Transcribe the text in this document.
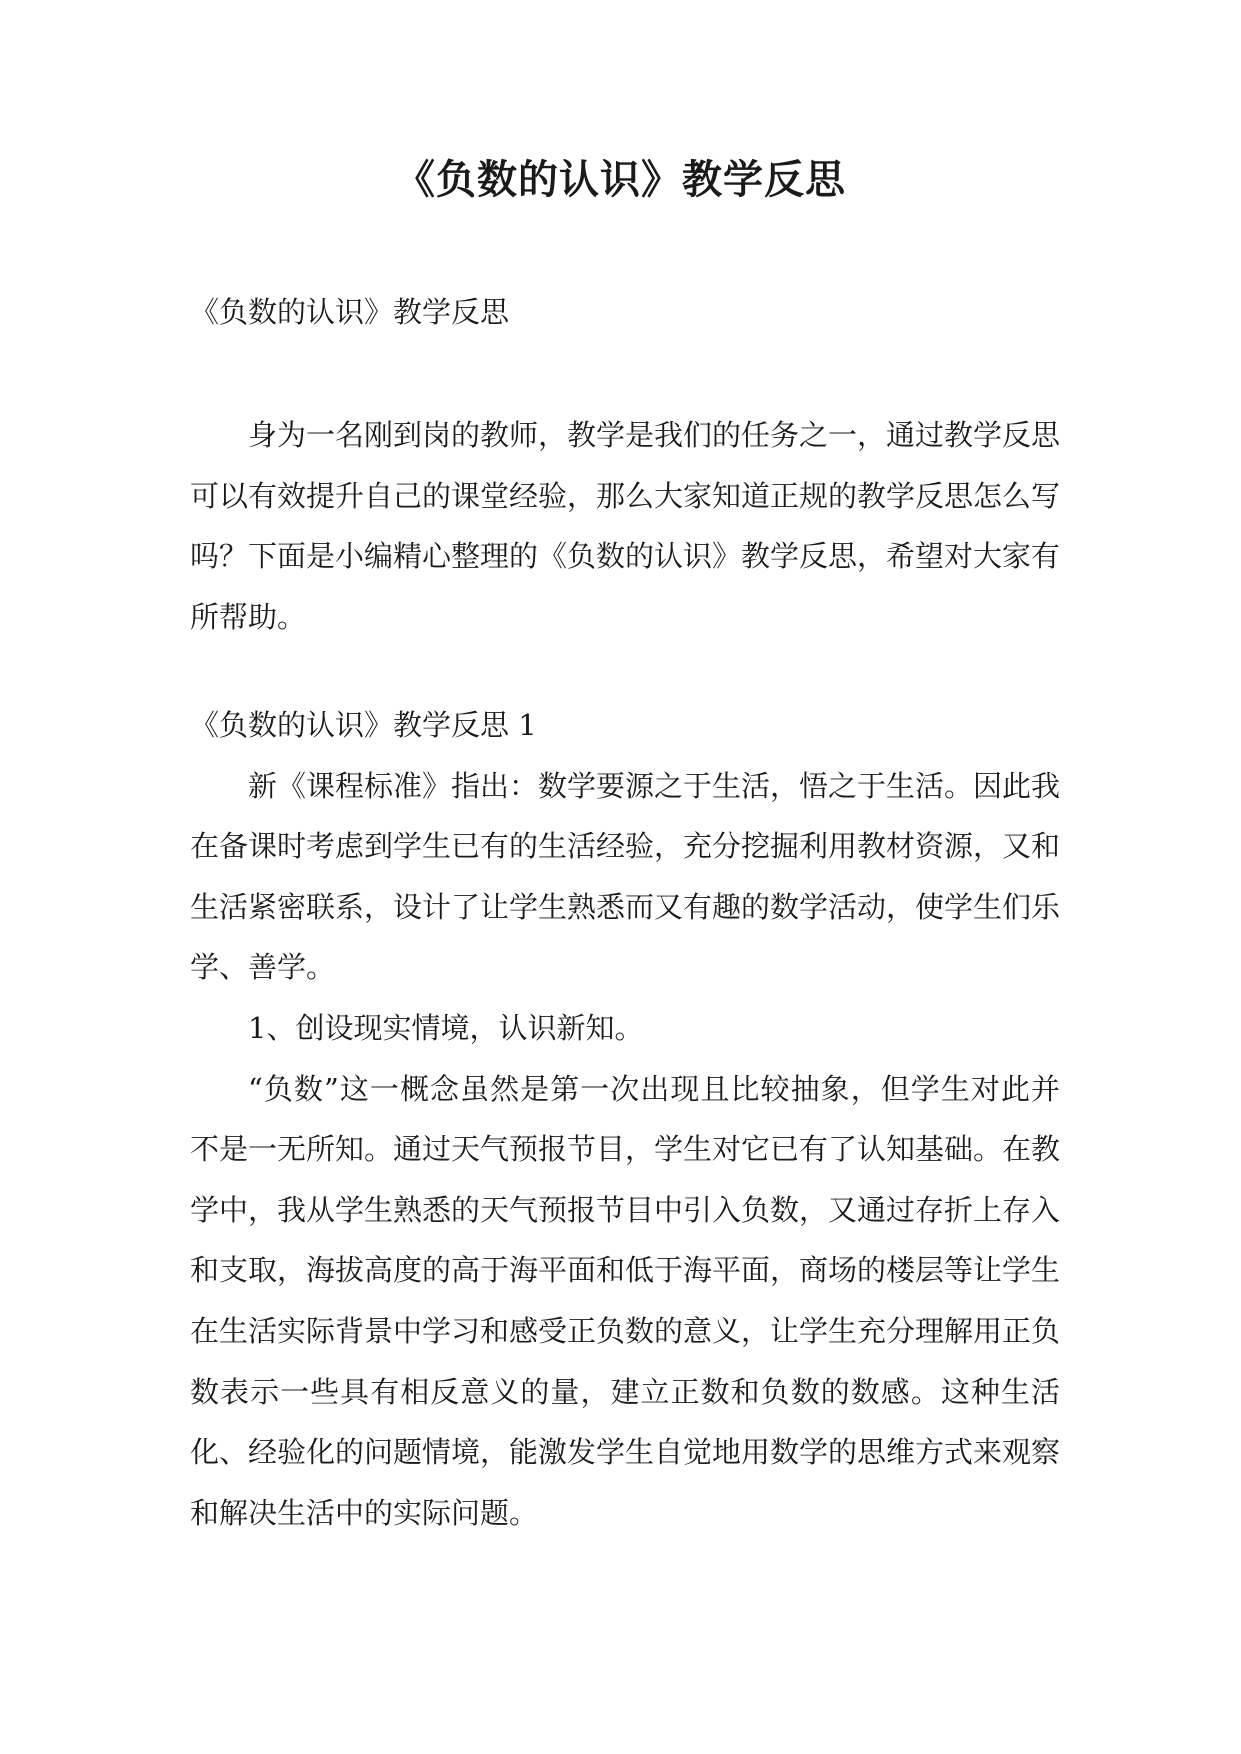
《负数的认识》教学反思

《负数的认识》教学反思

身为一名刚到岗的教师，教学是我们的任务之一，通过教学反思可以有效提升自己的课堂经验，那么大家知道正规的教学反思怎么写吗？下面是小编精心整理的《负数的认识》教学反思，希望对大家有所帮助。

《负数的认识》教学反思 1

新《课程标准》指出：数学要源之于生活，悟之于生活。因此我在备课时考虑到学生已有的生活经验，充分挖掘利用教材资源，又和生活紧密联系，设计了让学生熟悉而又有趣的数学活动，使学生们乐学、善学。

1、创设现实情境，认识新知。

“负数”这一概念虽然是第一次出现且比较抽象，但学生对此并不是一无所知。通过天气预报节目，学生对它已有了认知基础。在教学中，我从学生熟悉的天气预报节目中引入负数，又通过存折上存入和支取，海拔高度的高于海平面和低于海平面，商场的楼层等让学生在生活实际背景中学习和感受正负数的意义，让学生充分理解用正负数表示一些具有相反意义的量，建立正数和负数的数感。这种生活化、经验化的问题情境，能激发学生自觉地用数学的思维方式来观察和解决生活中的实际问题。
